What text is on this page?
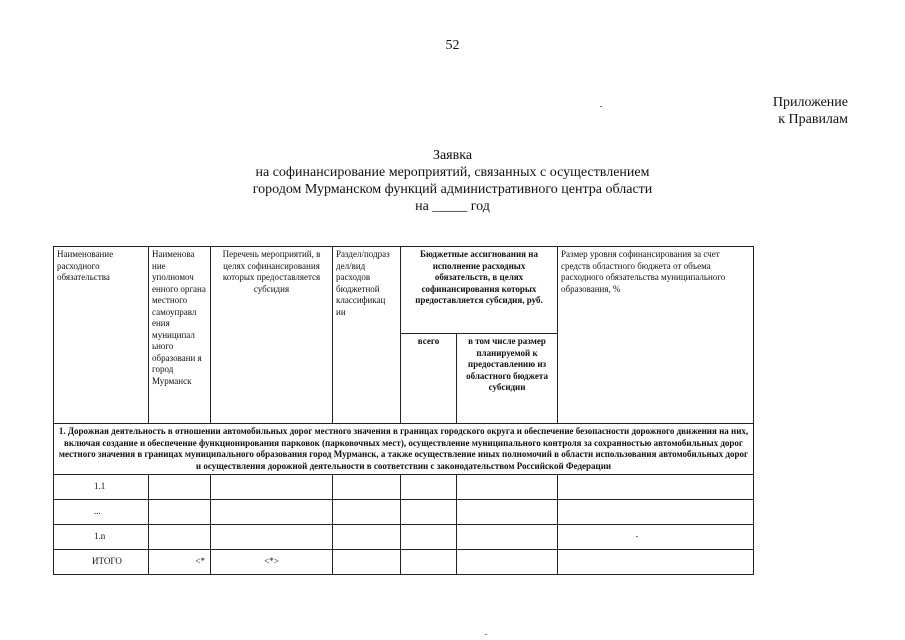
52
Приложение
к Правилам
Заявка
на софинансирование мероприятий, связанных с осуществлением
городом Мурманском функций административного центра области
на _____ год
Наименование расходного обязательства	Наименова ние уполномоч енного органа местного самоуправл ения муниципал ьного образовани я город Мурманск	Перечень мероприятий, в целях софинансирования которых предоставляется субсидия	Раздел/подраз дел/вид расходов бюджетной классификац ии	Бюджетные ассигнования на исполнение расходных обязательств, в целях софинансирования которых предоставляется субсидия, руб.		Размер уровня софинансирования за счет средств областного бюджета от объема расходного обязательства муниципального образования, %
				всего	в том числе размер планируемой к предоставлению из областного бюджета субсидии	
1. Дорожная деятельность в отношении автомобильных дорог местного значения в границах городского округа и обеспечение безопасности дорожного движения на них, включая создание и обеспечение функционирования парковок (парковочных мест), осуществление муниципального контроля за сохранностью автомобильных дорог местного значения в границах муниципального образования город Мурманск, а также осуществление иных полномочий в области использования автомобильных дорог и осуществления дорожной деятельности в соответствии с законодательством Российской Федерации						
1.1						
...						
1.n						
ИТОГО	<*	<*>				
